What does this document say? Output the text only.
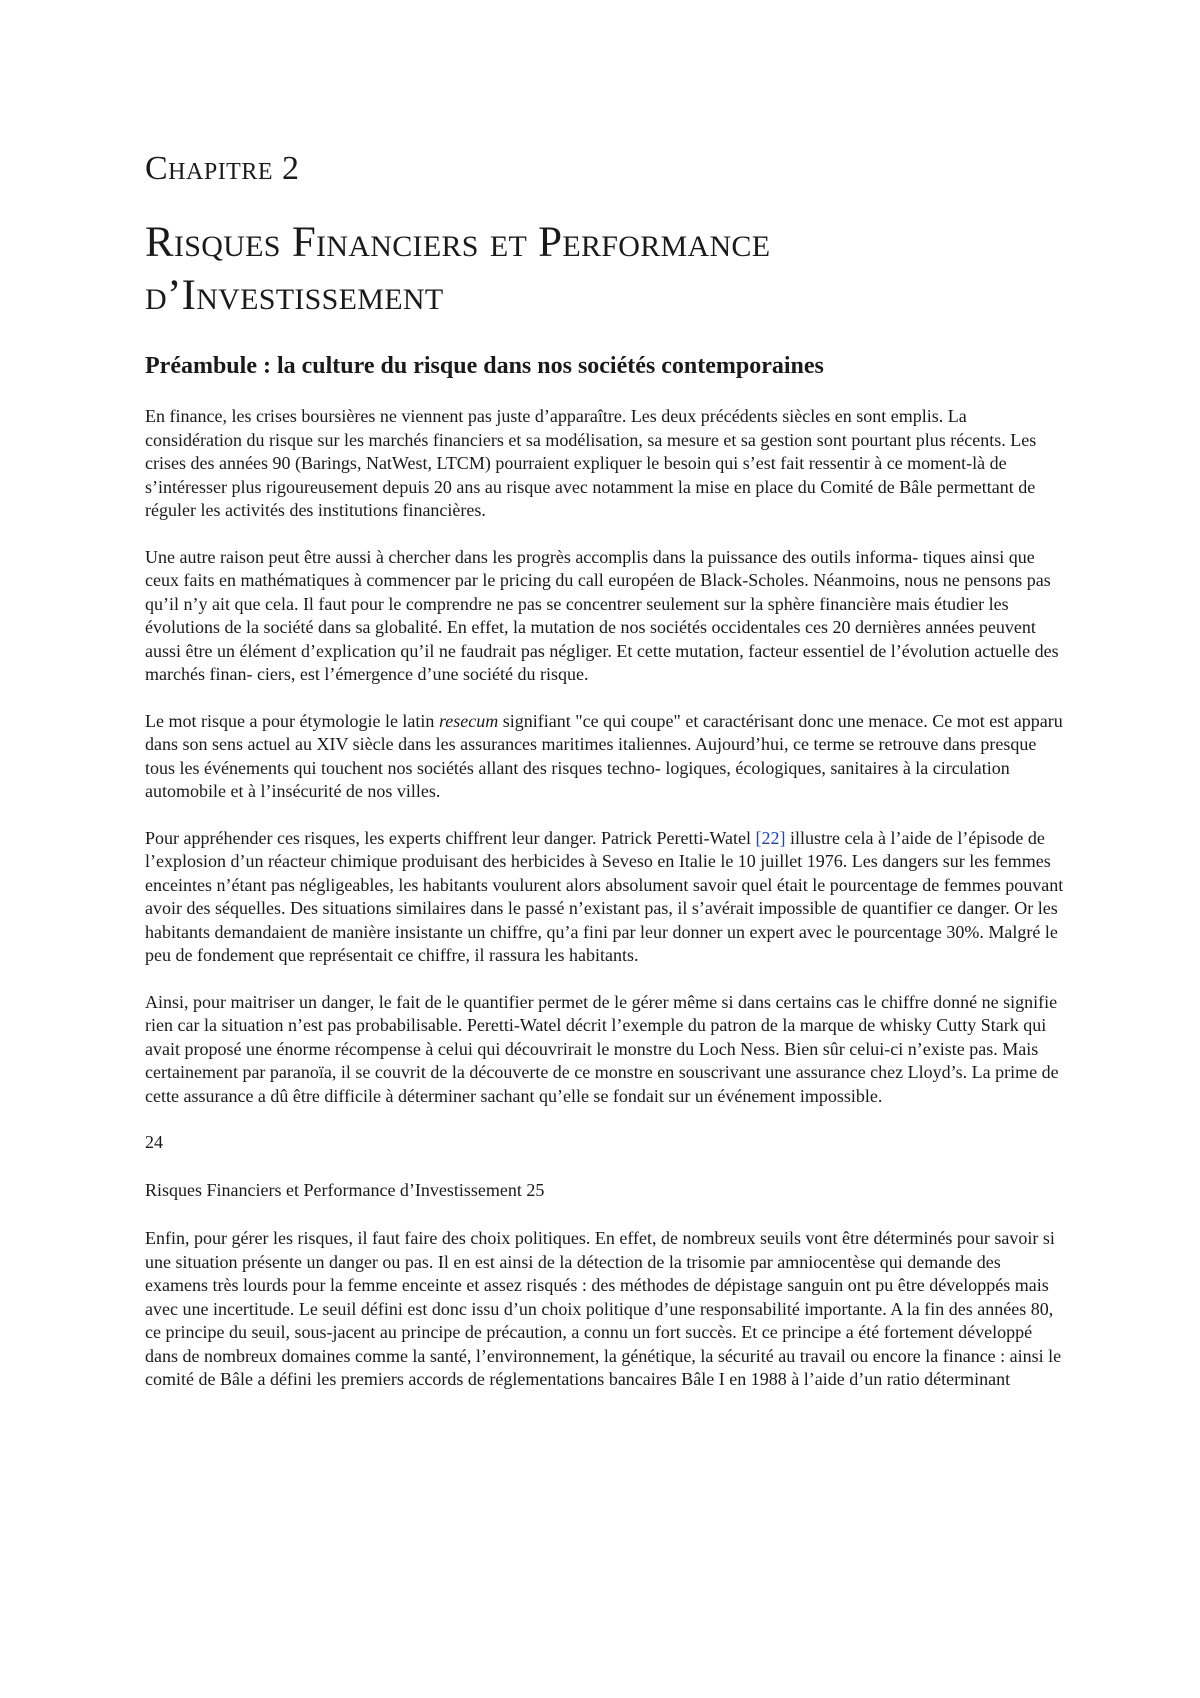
Chapitre 2
Risques Financiers et Performance
d’Investissement
Préambule : la culture du risque dans nos sociétés contemporaines

En finance, les crises boursières ne viennent pas juste d’apparaître. Les deux précédents siècles en sont emplis. La considération du risque sur les marchés financiers et sa modélisation, sa mesure et sa gestion sont pourtant plus récents. Les crises des années 90 (Barings, NatWest, LTCM) pourraient expliquer le besoin qui s’est fait ressentir à ce moment-là de s’intéresser plus rigoureusement depuis 20 ans au risque avec notamment la mise en place du Comité de Bâle permettant de réguler les activités des institutions financières.

Une autre raison peut être aussi à chercher dans les progrès accomplis dans la puissance des outils informa- tiques ainsi que ceux faits en mathématiques à commencer par le pricing du call européen de Black-Scholes. Néanmoins, nous ne pensons pas qu’il n’y ait que cela. Il faut pour le comprendre ne pas se concentrer seulement sur la sphère financière mais étudier les évolutions de la société dans sa globalité. En effet, la mutation de nos sociétés occidentales ces 20 dernières années peuvent aussi être un élément d’explication qu’il ne faudrait pas négliger. Et cette mutation, facteur essentiel de l’évolution actuelle des marchés finan- ciers, est l’émergence d’une société du risque.

Le mot risque a pour étymologie le latin resecum signifiant "ce qui coupe" et caractérisant donc une menace. Ce mot est apparu dans son sens actuel au XIV siècle dans les assurances maritimes italiennes. Aujourd’hui, ce terme se retrouve dans presque tous les événements qui touchent nos sociétés allant des risques techno- logiques, écologiques, sanitaires à la circulation automobile et à l’insécurité de nos villes.

Pour appréhender ces risques, les experts chiffrent leur danger. Patrick Peretti-Watel [22] illustre cela à l’aide de l’épisode de l’explosion d’un réacteur chimique produisant des herbicides à Seveso en Italie le 10 juillet 1976. Les dangers sur les femmes enceintes n’étant pas négligeables, les habitants voulurent alors absolument savoir quel était le pourcentage de femmes pouvant avoir des séquelles. Des situations similaires dans le passé n’existant pas, il s’avérait impossible de quantifier ce danger. Or les habitants demandaient de manière insistante un chiffre, qu’a fini par leur donner un expert avec le pourcentage 30%. Malgré le peu de fondement que représentait ce chiffre, il rassura les habitants.

Ainsi, pour maitriser un danger, le fait de le quantifier permet de le gérer même si dans certains cas le chiffre donné ne signifie rien car la situation n’est pas probabilisable. Peretti-Watel décrit l’exemple du patron de la marque de whisky Cutty Stark qui avait proposé une énorme récompense à celui qui découvrirait le monstre du Loch Ness. Bien sûr celui-ci n’existe pas. Mais certainement par paranoïa, il se couvrit de la découverte de ce monstre en souscrivant une assurance chez Lloyd’s. La prime de cette assurance a dû être difficile à déterminer sachant qu’elle se fondait sur un événement impossible.

24
Risques Financiers et Performance d’Investissement 25

Enfin, pour gérer les risques, il faut faire des choix politiques. En effet, de nombreux seuils vont être déterminés pour savoir si une situation présente un danger ou pas. Il en est ainsi de la détection de la trisomie par amniocentèse qui demande des examens très lourds pour la femme enceinte et assez risqués : des méthodes de dépistage sanguin ont pu être développés mais avec une incertitude. Le seuil défini est donc issu d’un choix politique d’une responsabilité importante. A la fin des années 80, ce principe du seuil, sous-jacent au principe de précaution, a connu un fort succès. Et ce principe a été fortement développé dans de nombreux domaines comme la santé, l’environnement, la génétique, la sécurité au travail ou encore la finance : ainsi le comité de Bâle a défini les premiers accords de réglementations bancaires Bâle I en 1988 à l’aide d’un ratio déterminant
